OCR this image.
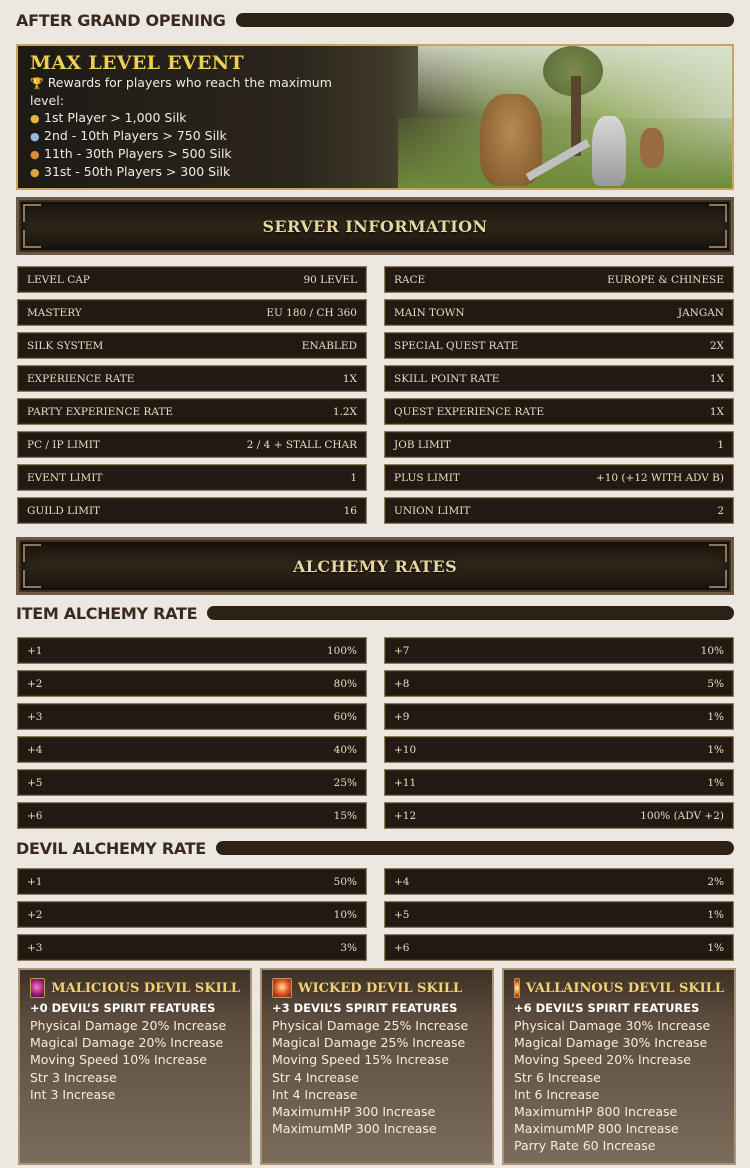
AFTER GRAND OPENING
MAX LEVEL EVENT
🏆 Rewards for players who reach the maximum level:
● 1st Player > 1,000 Silk
● 2nd - 10th Players > 750 Silk
● 11th - 30th Players > 500 Silk
● 31st - 50th Players > 300 Silk
SERVER INFORMATION
LEVEL CAP	90 LEVEL
MASTERY	EU 180 / CH 360
SILK SYSTEM	ENABLED
EXPERIENCE RATE	1X
PARTY EXPERIENCE RATE	1.2X
PC / IP LIMIT	2 / 4 + STALL CHAR
EVENT LIMIT	1
GUILD LIMIT	16
RACE	EUROPE & CHINESE
MAIN TOWN	JANGAN
SPECIAL QUEST RATE	2X
SKILL POINT RATE	1X
QUEST EXPERIENCE RATE	1X
JOB LIMIT	1
PLUS LIMIT	+10 (+12 WITH ADV B)
UNION LIMIT	2
ALCHEMY RATES
ITEM ALCHEMY RATE
+1	100%
+2	80%
+3	60%
+4	40%
+5	25%
+6	15%
+7	10%
+8	5%
+9	1%
+10	1%
+11	1%
+12	100% (ADV +2)
DEVIL ALCHEMY RATE
+1	50%
+2	10%
+3	3%
+4	2%
+5	1%
+6	1%
MALICIOUS DEVIL SKILL
+0 DEVIL’S SPIRIT FEATURES
Physical Damage 20% Increase
Magical Damage 20% Increase
Moving Speed 10% Increase
Str 3 Increase
Int 3 Increase
WICKED DEVIL SKILL
+3 DEVIL’S SPIRIT FEATURES
Physical Damage 25% Increase
Magical Damage 25% Increase
Moving Speed 15% Increase
Str 4 Increase
Int 4 Increase
MaximumHP 300 Increase
MaximumMP 300 Increase
VALLAINOUS DEVIL SKILL
+6 DEVIL’S SPIRIT FEATURES
Physical Damage 30% Increase
Magical Damage 30% Increase
Moving Speed 20% Increase
Str 6 Increase
Int 6 Increase
MaximumHP 800 Increase
MaximumMP 800 Increase
Parry Rate 60 Increase
